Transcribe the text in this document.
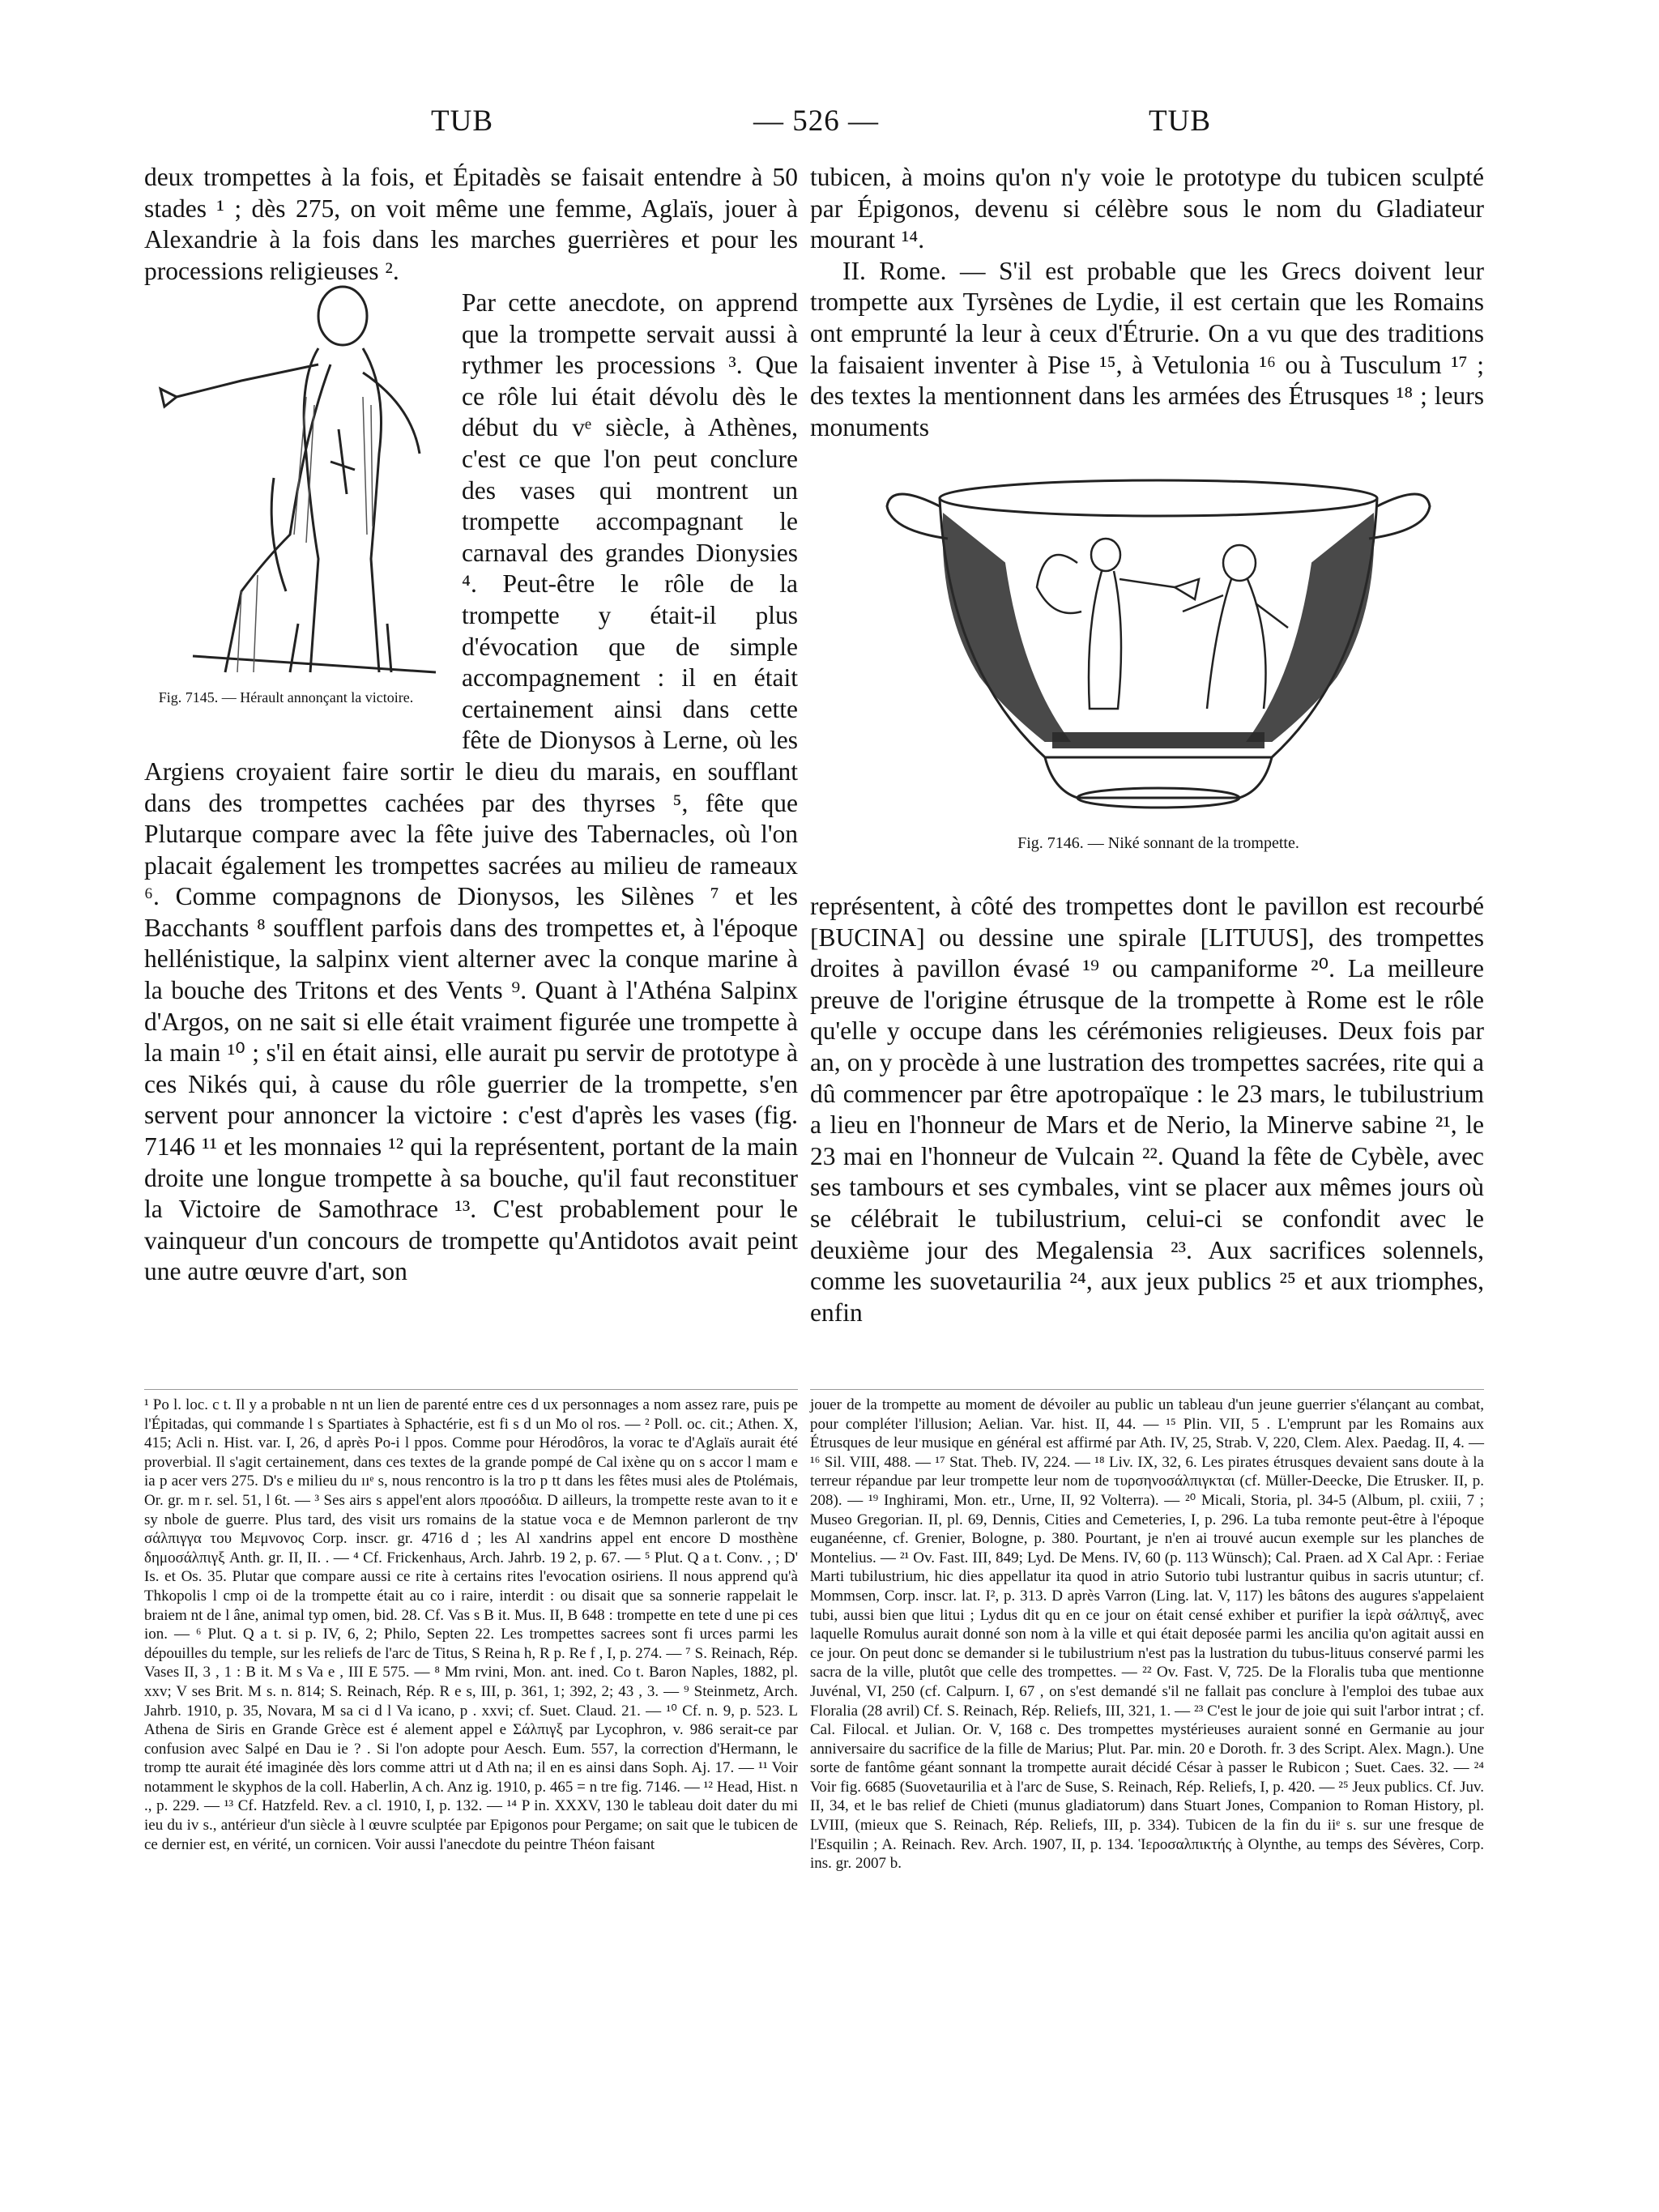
TUB	— 526 —	TUB

deux trompettes à la fois, et Épitadès se faisait entendre à 50 stades ¹ ; dès 275, on voit même une femme, Aglaïs, jouer à Alexandrie à la fois dans les marches guerrières et pour les processions religieuses ².

Fig. 7145. — Hérault annonçant la victoire.

Par cette anecdote, on apprend que la trompette servait aussi à rythmer les processions ³. Que ce rôle lui était dévolu dès le début du vᵉ siècle, à Athènes, c'est ce que l'on peut conclure des vases qui montrent un trompette accompagnant le carnaval des grandes Dionysies ⁴. Peut-être le rôle de la trompette y était-il plus d'évocation que de simple accompagnement : il en était certainement ainsi dans cette fête de Dionysos à Lerne, où les Argiens croyaient faire sortir le dieu du marais, en soufflant dans des trompettes cachées par des thyrses ⁵, fête que Plutarque compare avec la fête juive des Tabernacles, où l'on placait également les trompettes sacrées au milieu de rameaux ⁶. Comme compagnons de Dionysos, les Silènes ⁷ et les Bacchants ⁸ soufflent parfois dans des trompettes et, à l'époque hellénistique, la salpinx vient alterner avec la conque marine à la bouche des Tritons et des Vents ⁹. Quant à l'Athéna Salpinx d'Argos, on ne sait si elle était vraiment figurée une trompette à la main ¹⁰ ; s'il en était ainsi, elle aurait pu servir de prototype à ces Nikés qui, à cause du rôle guerrier de la trompette, s'en servent pour annoncer la victoire : c'est d'après les vases (fig. 7146 ¹¹ et les monnaies ¹² qui la représentent, portant de la main droite une longue trompette à sa bouche, qu'il faut reconstituer la Victoire de Samothrace ¹³. C'est probablement pour le vainqueur d'un concours de trompette qu'Antidotos avait peint une autre œuvre d'art, son

¹ Po l. loc. c t. Il y a probable n nt un lien de parenté entre ces d ux personnages a nom assez rare, puis pe l'Épitadas, qui commande l s Spartiates à Sphactérie, est fi s d un Mo ol ros. — ² Poll. oc. cit.; Athen. X, 415; Acli n. Hist. var. I, 26, d après Po-i l ppos. Comme pour Hérodôros, la vorac te d'Aglaïs aurait été proverbial. Il s'agit certainement, dans ces textes de la grande pompé de Cal ixène qu on s accor l mam e ia p acer vers 275. D's e milieu du ııᵉ s, nous rencontro is la tro p tt dans les fêtes musi ales de Ptolémais, Or. gr. m r. sel. 51, l 6t. — ³ Ses airs s appel'ent alors προσόδια. D ailleurs, la trompette reste avan to it e sy nbole de guerre. Plus tard, des visit urs romains de la statue voca e de Memnon parleront de την σάλπιγγα του Μεμνονος Corp. inscr. gr. 4716 d ; les Al xandrins appel ent encore D mosthène δημοσάλπιγξ Anth. gr. II, II. . — ⁴ Cf. Frickenhaus, Arch. Jahrb. 19 2, p. 67. — ⁵ Plut. Q a t. Conv. , ; D' Is. et Os. 35. Plutar que compare aussi ce rite à certains rites l'evocation osiriens. Il nous apprend qu'à Thkopolis l cmp oi de la trompette était au co i raire, interdit : ou disait que sa sonnerie rappelait le braiem nt de l âne, animal typ omen, bid. 28. Cf. Vas s B it. Mus. II, B 648 : trompette en tete d une pi ces ion. — ⁶ Plut. Q a t. si p. IV, 6, 2; Philo, Septen 22. Les trompettes sacrees sont fi urces parmi les dépouilles du temple, sur les reliefs de l'arc de Titus, S Reina h, R p. Re f , I, p. 274. — ⁷ S. Reinach, Rép. Vases II, 3 , 1 : B it. M s Va e , III E 575. — ⁸ Mm rvini, Mon. ant. ined. Co t. Baron Naples, 1882, pl. xxv; V ses Brit. M s. n. 814; S. Reinach, Rép. R e s, III, p. 361, 1; 392, 2; 43 , 3. — ⁹ Steinmetz, Arch. Jahrb. 1910, p. 35, Novara, M sa ci d l Va icano, p . xxvi; cf. Suet. Claud. 21. — ¹⁰ Cf. n. 9, p. 523. L Athena de Siris en Grande Grèce est é alement appel e Σάλπιγξ par Lycophron, v. 986 serait-ce par confusion avec Salpé en Dau ie ? . Si l'on adopte pour Aesch. Eum. 557, la correction d'Hermann, le tromp tte aurait été imaginée dès lors comme attri ut d Ath na; il en es ainsi dans Soph. Aj. 17. — ¹¹ Voir notamment le skyphos de la coll. Haberlin, A ch. Anz ig. 1910, p. 465 = n tre fig. 7146. — ¹² Head, Hist. n ., p. 229. — ¹³ Cf. Hatzfeld. Rev. a cl. 1910, I, p. 132. — ¹⁴ P in. XXXV, 130 le tableau doit dater du mi ieu du iv s., antérieur d'un siècle à l œuvre sculptée par Epigonos pour Pergame; on sait que le tubicen de ce dernier est, en vérité, un cornicen. Voir aussi l'anecdote du peintre Théon faisant

tubicen, à moins qu'on n'y voie le prototype du tubicen sculpté par Épigonos, devenu si célèbre sous le nom du Gladiateur mourant ¹⁴.

II. Rome. — S'il est probable que les Grecs doivent leur trompette aux Tyrsènes de Lydie, il est certain que les Romains ont emprunté la leur à ceux d'Étrurie. On a vu que des traditions la faisaient inventer à Pise ¹⁵, à Vetulonia ¹⁶ ou à Tusculum ¹⁷ ; des textes la mentionnent dans les armées des Étrusques ¹⁸ ; leurs monuments

Fig. 7146. — Niké sonnant de la trompette.

représentent, à côté des trompettes dont le pavillon est recourbé [BUCINA] ou dessine une spirale [LITUUS], des trompettes droites à pavillon évasé ¹⁹ ou campaniforme ²⁰. La meilleure preuve de l'origine étrusque de la trompette à Rome est le rôle qu'elle y occupe dans les cérémonies religieuses. Deux fois par an, on y procède à une lustration des trompettes sacrées, rite qui a dû commencer par être apotropaïque : le 23 mars, le tubilustrium a lieu en l'honneur de Mars et de Nerio, la Minerve sabine ²¹, le 23 mai en l'honneur de Vulcain ²². Quand la fête de Cybèle, avec ses tambours et ses cymbales, vint se placer aux mêmes jours où se célébrait le tubilustrium, celui-ci se confondit avec le deuxième jour des Megalensia ²³. Aux sacrifices solennels, comme les suovetaurilia ²⁴, aux jeux publics ²⁵ et aux triomphes, enfin

jouer de la trompette au moment de dévoiler au public un tableau d'un jeune guerrier s'élançant au combat, pour compléter l'illusion; Aelian. Var. hist. II, 44. — ¹⁵ Plin. VII, 5 . L'emprunt par les Romains aux Étrusques de leur musique en général est affirmé par Ath. IV, 25, Strab. V, 220, Clem. Alex. Paedag. II, 4. — ¹⁶ Sil. VIII, 488. — ¹⁷ Stat. Theb. IV, 224. — ¹⁸ Liv. IX, 32, 6. Les pirates étrusques devaient sans doute à la terreur répandue par leur trompette leur nom de τυρσηνοσάλπιγκται (cf. Müller-Deecke, Die Etrusker. II, p. 208). — ¹⁹ Inghirami, Mon. etr., Urne, II, 92 Volterra). — ²⁰ Micali, Storia, pl. 34-5 (Album, pl. cxiii, 7 ; Museo Gregorian. II, pl. 69, Dennis, Cities and Cemeteries, I, p. 296. La tuba remonte peut-être à l'époque euganéenne, cf. Grenier, Bologne, p. 380. Pourtant, je n'en ai trouvé aucun exemple sur les planches de Montelius. — ²¹ Ov. Fast. III, 849; Lyd. De Mens. IV, 60 (p. 113 Wünsch); Cal. Praen. ad X Cal Apr. : Feriae Marti tubilustrium, hic dies appellatur ita quod in atrio Sutorio tubi lustrantur quibus in sacris utuntur; cf. Mommsen, Corp. inscr. lat. I², p. 313. D après Varron (Ling. lat. V, 117) les bâtons des augures s'appelaient tubi, aussi bien que litui ; Lydus dit qu en ce jour on était censé exhiber et purifier la ἱερὰ σάλπιγξ, avec laquelle Romulus aurait donné son nom à la ville et qui était deposée parmi les ancilia qu'on agitait aussi en ce jour. On peut donc se demander si le tubilustrium n'est pas la lustration du tubus-lituus conservé parmi les sacra de la ville, plutôt que celle des trompettes. — ²² Ov. Fast. V, 725. De la Floralis tuba que mentionne Juvénal, VI, 250 (cf. Calpurn. I, 67 , on s'est demandé s'il ne fallait pas conclure à l'emploi des tubae aux Floralia (28 avril) Cf. S. Reinach, Rép. Reliefs, III, 321, 1. — ²³ C'est le jour de joie qui suit l'arbor intrat ; cf. Cal. Filocal. et Julian. Or. V, 168 c. Des trompettes mystérieuses auraient sonné en Germanie au jour anniversaire du sacrifice de la fille de Marius; Plut. Par. min. 20 e Doroth. fr. 3 des Script. Alex. Magn.). Une sorte de fantôme géant sonnant la trompette aurait décidé César à passer le Rubicon ; Suet. Caes. 32. — ²⁴ Voir fig. 6685 (Suovetaurilia et à l'arc de Suse, S. Reinach, Rép. Reliefs, I, p. 420. — ²⁵ Jeux publics. Cf. Juv. II, 34, et le bas relief de Chieti (munus gladiatorum) dans Stuart Jones, Companion to Roman History, pl. LVIII, (mieux que S. Reinach, Rép. Reliefs, III, p. 334). Tubicen de la fin du iiᵉ s. sur une fresque de l'Esquilin ; A. Reinach. Rev. Arch. 1907, II, p. 134. Ἱεροσαλπικτής à Olynthe, au temps des Sévères, Corp. ins. gr. 2007 b.
